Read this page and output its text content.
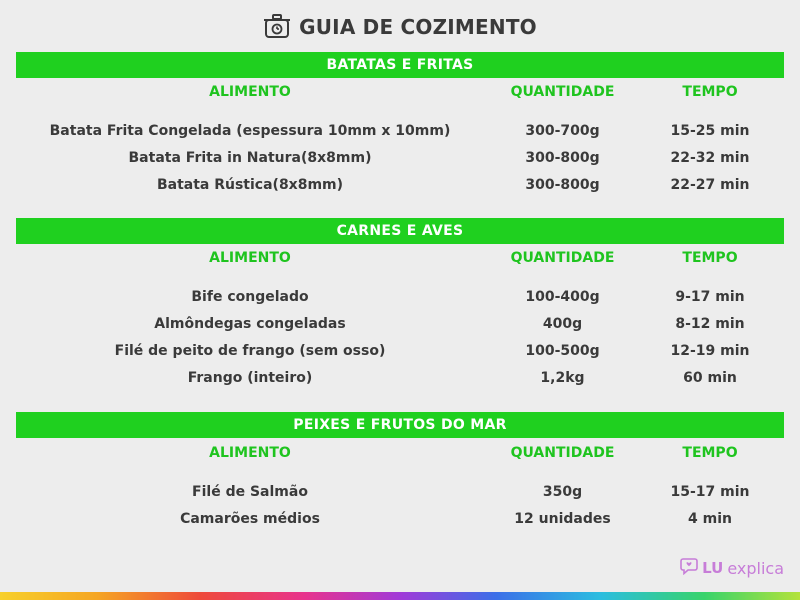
GUIA DE COZIMENTO
BATATAS E FRITAS
ALIMENTO	QUANTIDADE	TEMPO
Batata Frita Congelada (espessura 10mm x 10mm)	300-700g	15-25 min
Batata Frita in Natura(8x8mm)	300-800g	22-32 min
Batata Rústica(8x8mm)	300-800g	22-27 min
CARNES E AVES
ALIMENTO	QUANTIDADE	TEMPO
Bife congelado	100-400g	9-17 min
Almôndegas congeladas	400g	8-12 min
Filé de peito de frango (sem osso)	100-500g	12-19 min
Frango (inteiro)	1,2kg	60 min
PEIXES E FRUTOS DO MAR
ALIMENTO	QUANTIDADE	TEMPO
Filé de Salmão	350g	15-17 min
Camarões médios	12 unidades	4 min
LU explica
